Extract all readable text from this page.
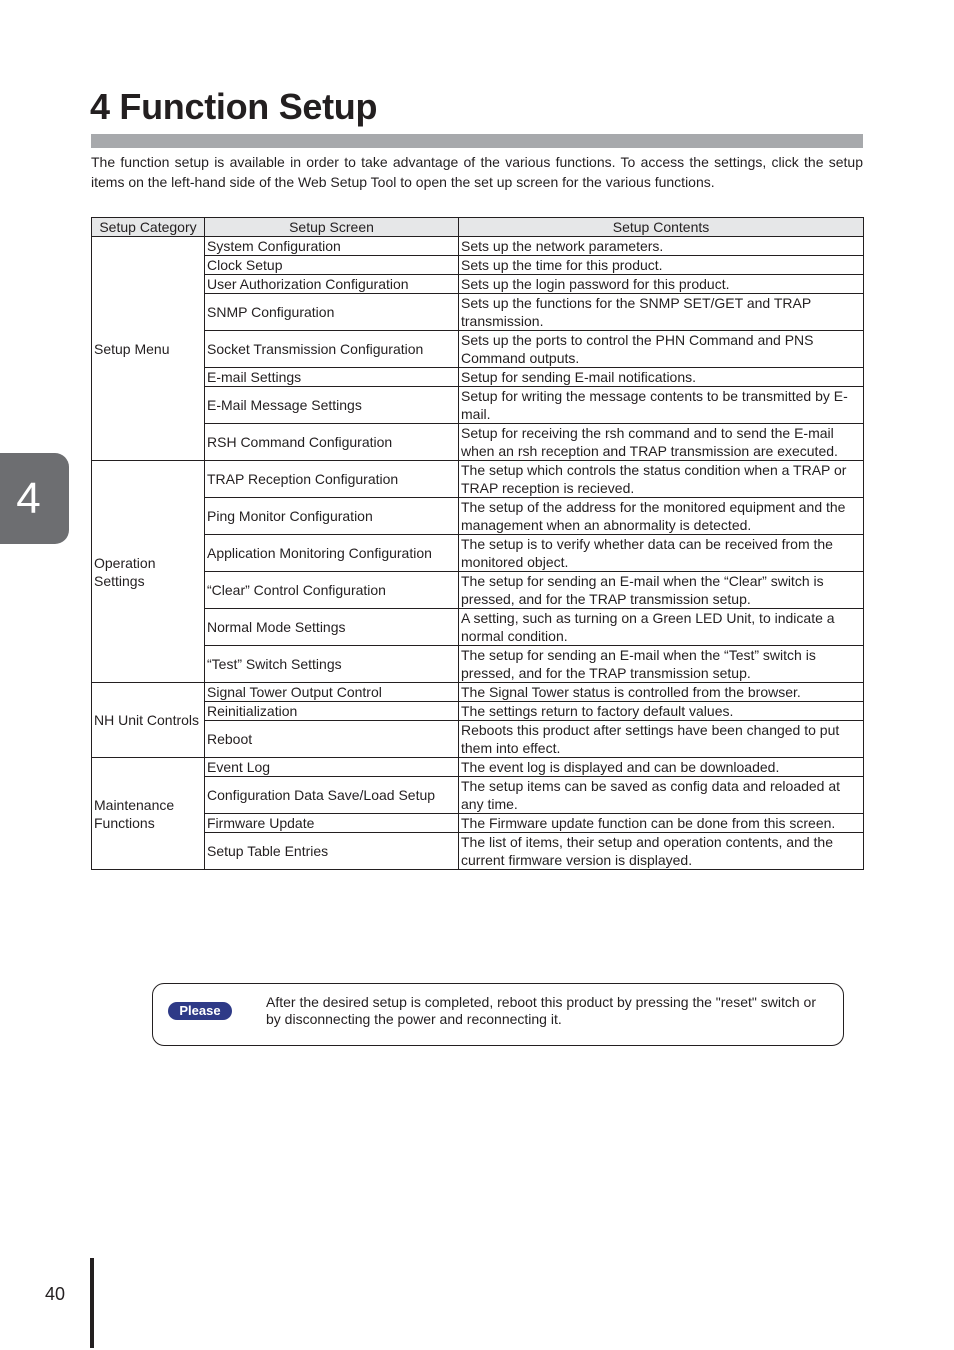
4 Function Setup

The function setup is available in order to take advantage of the various functions. To access the settings, click the setup items on the left-hand side of the Web Setup Tool to open the set up screen for the various functions.

4
Setup Category	Setup Screen	Setup Contents
Setup Menu	System Configuration	Sets up the network parameters.
	Clock Setup	Sets up the time for this product.
	User Authorization Configuration	Sets up the login password for this product.
	SNMP Configuration	Sets up the functions for the SNMP SET/GET and TRAP transmission.
	Socket Transmission Configuration	Sets up the ports to control the PHN Command and PNS Command outputs.
	E-mail Settings	Setup for sending E-mail notifications.
	E-Mail Message Settings	Setup for writing the message contents to be transmitted by E-mail.
	RSH Command Configuration	Setup for receiving the rsh command and to send the E-mail when an rsh reception and TRAP transmission are executed.
Operation Settings	TRAP Reception Configuration	The setup which controls the status condition when a TRAP or TRAP reception is recieved.
	Ping Monitor Configuration	The setup of the address for the monitored equipment and the management when an abnormality is detected.
	Application Monitoring Configuration	The setup is to verify whether data can be received from the monitored object.
	“Clear” Control Configuration	The setup for sending an E-mail when the “Clear” switch is pressed, and for the TRAP transmission setup.
	Normal Mode Settings	A setting, such as turning on a Green LED Unit, to indicate a normal condition.
	“Test” Switch Settings	The setup for sending an E-mail when the “Test” switch is pressed, and for the TRAP transmission setup.
NH Unit Controls	Signal Tower Output Control	The Signal Tower status is controlled from the browser.
	Reinitialization	The settings return to factory default values.
	Reboot	Reboots this product after settings have been changed to put them into effect.
Maintenance Functions	Event Log	The event log is displayed and can be downloaded.
	Configuration Data Save/Load Setup	The setup items can be saved as config data and reloaded at any time.
	Firmware Update	The Firmware update function can be done from this screen.
	Setup Table Entries	The list of items, their setup and operation contents, and the current firmware version is displayed.
Please
After the desired setup is completed, reboot this product by pressing the "reset" switch or by disconnecting the power and reconnecting it.
40
